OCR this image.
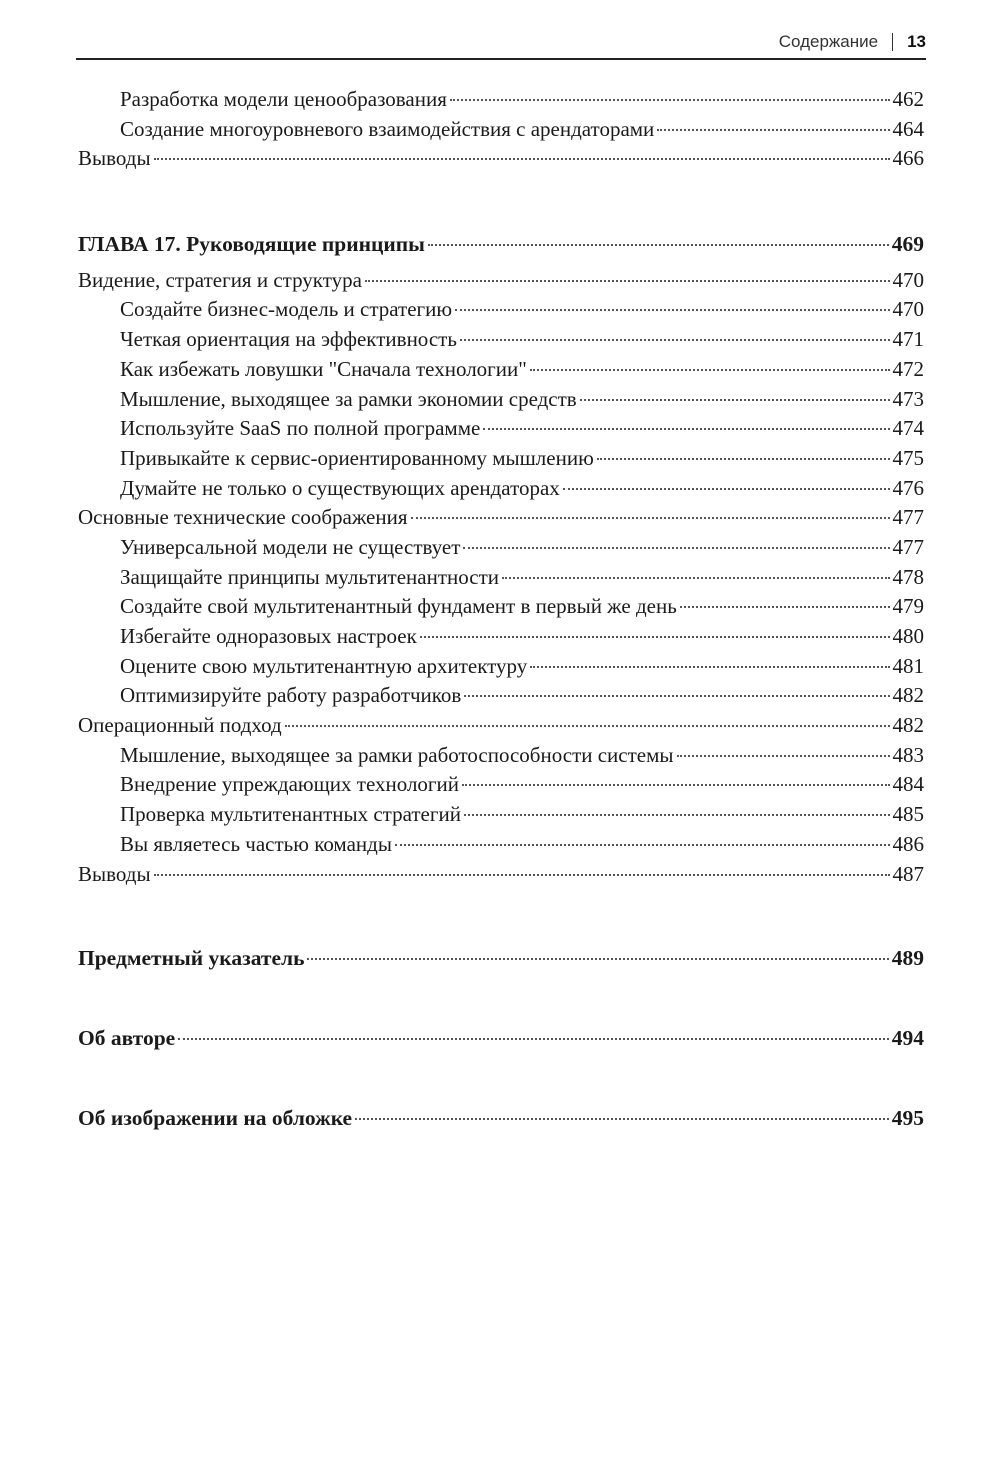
Содержание 13
Разработка модели ценообразования	462
Создание многоуровневого взаимодействия с арендаторами	464
Выводы	466
ГЛАВА 17. Руководящие принципы	469
Видение, стратегия и структура	470
Создайте бизнес-модель и стратегию	470
Четкая ориентация на эффективность	471
Как избежать ловушки "Сначала технологии"	472
Мышление, выходящее за рамки экономии средств	473
Используйте SaaS по полной программе	474
Привыкайте к сервис-ориентированному мышлению	475
Думайте не только о существующих арендаторах	476
Основные технические соображения	477
Универсальной модели не существует	477
Защищайте принципы мультитенантности	478
Создайте свой мультитенантный фундамент в первый же день	479
Избегайте одноразовых настроек	480
Оцените свою мультитенантную архитектуру	481
Оптимизируйте работу разработчиков	482
Операционный подход	482
Мышление, выходящее за рамки работоспособности системы	483
Внедрение упреждающих технологий	484
Проверка мультитенантных стратегий	485
Вы являетесь частью команды	486
Выводы	487
Предметный указатель	489
Об авторе	494
Об изображении на обложке	495
